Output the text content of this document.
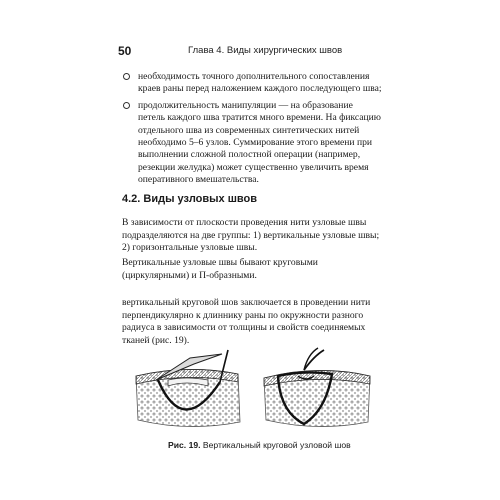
50	Глава 4. Виды хирургических швов
необходимость точного дополнительного сопоставления краев раны перед наложением каждого последующего шва;
продолжительность манипуляции — на образование петель каждого шва тратится много времени. На фиксацию отдельного шва из современных синтетических нитей необходимо 5–6 узлов. Суммирование этого времени при выполнении сложной полостной операции (например, резекции желудка) может существенно увеличить время оперативного вмешательства.
4.2. Виды узловых швов

В зависимости от плоскости проведения нити узловые швы подразделяются на две группы: 1) вертикальные узловые швы; 2) горизонтальные узловые швы.

Вертикальные узловые швы бывают круговыми (циркулярными) и П-образными.

вертикальный круговой шов заключается в проведении нити перпендикулярно к длиннику раны по окружности разного радиуса в зависимости от толщины и свойств соединяемых тканей (рис. 19).

Рис. 19. Вертикальный круговой узловой шов
